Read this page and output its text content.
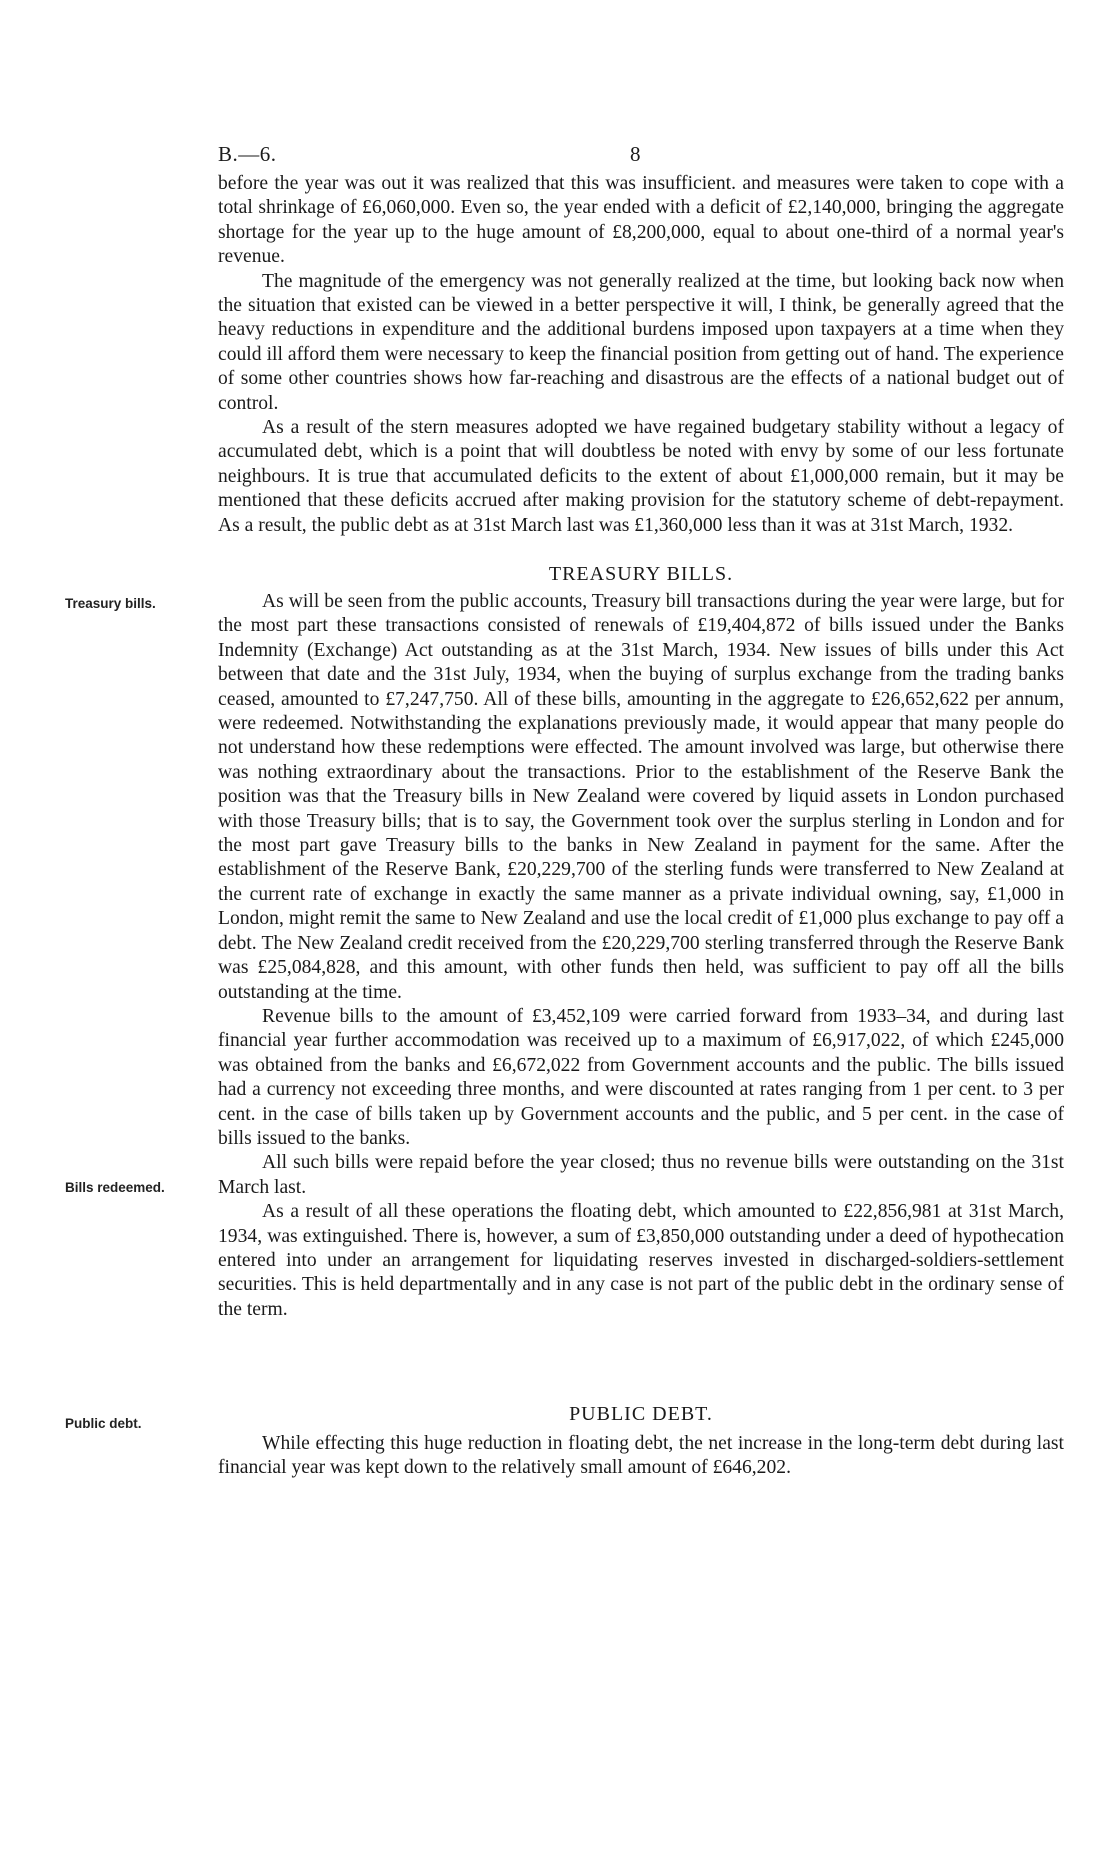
B.—6.	8

before the year was out it was realized that this was insufficient. and measures were taken to cope with a total shrinkage of £6,060,000. Even so, the year ended with a deficit of £2,140,000, bringing the aggregate shortage for the year up to the huge amount of £8,200,000, equal to about one-third of a normal year's revenue.

The magnitude of the emergency was not generally realized at the time, but looking back now when the situation that existed can be viewed in a better perspective it will, I think, be generally agreed that the heavy reductions in expenditure and the additional burdens imposed upon taxpayers at a time when they could ill afford them were necessary to keep the financial position from getting out of hand. The experience of some other countries shows how far-reaching and disastrous are the effects of a national budget out of control.

As a result of the stern measures adopted we have regained budgetary stability without a legacy of accumulated debt, which is a point that will doubtless be noted with envy by some of our less fortunate neighbours. It is true that accumulated deficits to the extent of about £1,000,000 remain, but it may be mentioned that these deficits accrued after making provision for the statutory scheme of debt-repayment. As a result, the public debt as at 31st March last was £1,360,000 less than it was at 31st March, 1932.

TREASURY BILLS.
Treasury bills.	As will be seen from the public accounts, Treasury bill transactions during the year were large, but for the most part these transactions consisted of renewals of £19,404,872 of bills issued under the Banks Indemnity (Exchange) Act outstanding as at the 31st March, 1934. New issues of bills under this Act between that date and the 31st July, 1934, when the buying of surplus exchange from the trading banks ceased, amounted to £7,247,750. All of these bills, amounting in the aggregate to £26,652,622 per annum, were redeemed. Notwithstanding the explanations previously made, it would appear that many people do not understand how these redemptions were effected. The amount involved was large, but otherwise there was nothing extraordinary about the transactions. Prior to the establishment of the Reserve Bank the position was that the Treasury bills in New Zealand were covered by liquid assets in London purchased with those Treasury bills; that is to say, the Government took over the surplus sterling in London and for the most part gave Treasury bills to the banks in New Zealand in payment for the same. After the establishment of the Reserve Bank, £20,229,700 of the sterling funds were transferred to New Zealand at the current rate of exchange in exactly the same manner as a private individual owning, say, £1,000 in London, might remit the same to New Zealand and use the local credit of £1,000 plus exchange to pay off a debt. The New Zealand credit received from the £20,229,700 sterling transferred through the Reserve Bank was £25,084,828, and this amount, with other funds then held, was sufficient to pay off all the bills outstanding at the time.

Revenue bills to the amount of £3,452,109 were carried forward from 1933–34, and during last financial year further accommodation was received up to a maximum of £6,917,022, of which £245,000 was obtained from the banks and £6,672,022 from Government accounts and the public. The bills issued had a currency not exceeding three months, and were discounted at rates ranging from 1 per cent. to 3 per cent. in the case of bills taken up by Government accounts and the public, and 5 per cent. in the case of bills issued to the banks.

All such bills were repaid before the year closed; thus no revenue bills were outstanding on the 31st March last.

As a result of all these operations the floating debt, which amounted to £22,856,981 at 31st March, 1934, was extinguished. There is, however, a sum of £3,850,000 outstanding under a deed of hypothecation entered into under an arrangement for liquidating reserves invested in discharged-soldiers-settlement securities. This is held departmentally and in any case is not part of the public debt in the ordinary sense of the term.

Bills redeemed.
PUBLIC DEBT.
Public debt.

While effecting this huge reduction in floating debt, the net increase in the long-term debt during last financial year was kept down to the relatively small amount of £646,202.
